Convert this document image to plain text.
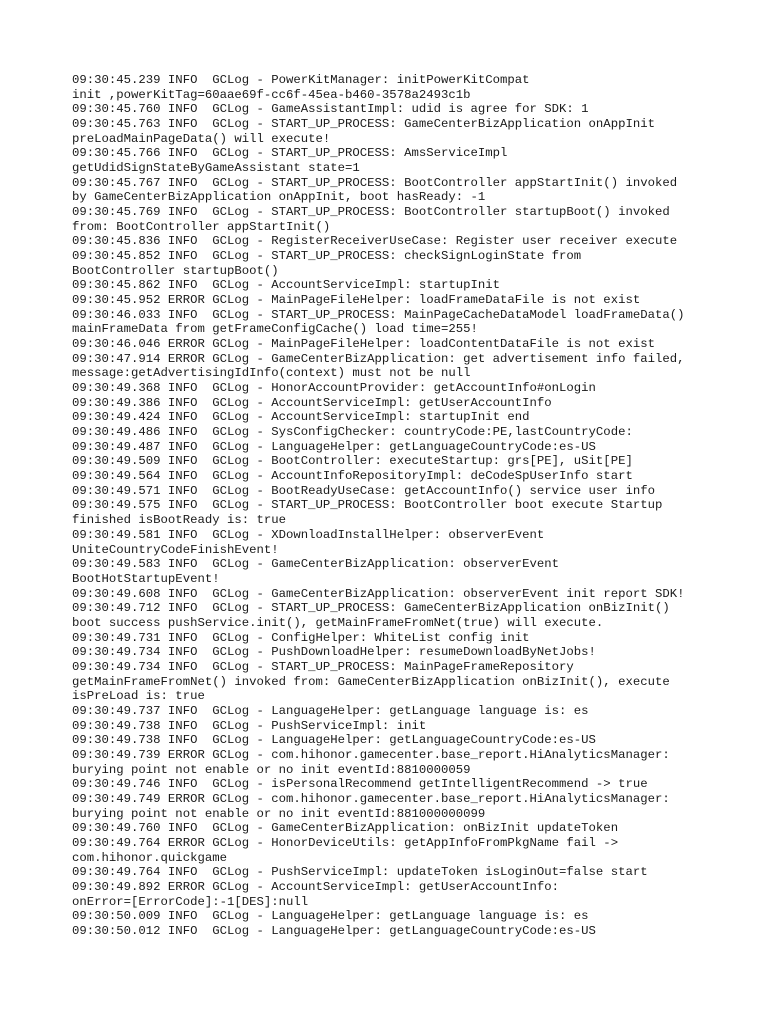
09:30:45.239 INFO  GCLog - PowerKitManager: initPowerKitCompat
init ,powerKitTag=60aae69f-cc6f-45ea-b460-3578a2493c1b
09:30:45.760 INFO  GCLog - GameAssistantImpl: udid is agree for SDK: 1
09:30:45.763 INFO  GCLog - START_UP_PROCESS: GameCenterBizApplication onAppInit
preLoadMainPageData() will execute!
09:30:45.766 INFO  GCLog - START_UP_PROCESS: AmsServiceImpl
getUdidSignStateByGameAssistant state=1
09:30:45.767 INFO  GCLog - START_UP_PROCESS: BootController appStartInit() invoked
by GameCenterBizApplication onAppInit, boot hasReady: -1
09:30:45.769 INFO  GCLog - START_UP_PROCESS: BootController startupBoot() invoked
from: BootController appStartInit()
09:30:45.836 INFO  GCLog - RegisterReceiverUseCase: Register user receiver execute
09:30:45.852 INFO  GCLog - START_UP_PROCESS: checkSignLoginState from
BootController startupBoot()
09:30:45.862 INFO  GCLog - AccountServiceImpl: startupInit
09:30:45.952 ERROR GCLog - MainPageFileHelper: loadFrameDataFile is not exist
09:30:46.033 INFO  GCLog - START_UP_PROCESS: MainPageCacheDataModel loadFrameData()
mainFrameData from getFrameConfigCache() load time=255!
09:30:46.046 ERROR GCLog - MainPageFileHelper: loadContentDataFile is not exist
09:30:47.914 ERROR GCLog - GameCenterBizApplication: get advertisement info failed,
message:getAdvertisingIdInfo(context) must not be null
09:30:49.368 INFO  GCLog - HonorAccountProvider: getAccountInfo#onLogin
09:30:49.386 INFO  GCLog - AccountServiceImpl: getUserAccountInfo
09:30:49.424 INFO  GCLog - AccountServiceImpl: startupInit end
09:30:49.486 INFO  GCLog - SysConfigChecker: countryCode:PE,lastCountryCode:
09:30:49.487 INFO  GCLog - LanguageHelper: getLanguageCountryCode:es-US
09:30:49.509 INFO  GCLog - BootController: executeStartup: grs[PE], uSit[PE]
09:30:49.564 INFO  GCLog - AccountInfoRepositoryImpl: deCodeSpUserInfo start
09:30:49.571 INFO  GCLog - BootReadyUseCase: getAccountInfo() service user info
09:30:49.575 INFO  GCLog - START_UP_PROCESS: BootController boot execute Startup
finished isBootReady is: true
09:30:49.581 INFO  GCLog - XDownloadInstallHelper: observerEvent
UniteCountryCodeFinishEvent!
09:30:49.583 INFO  GCLog - GameCenterBizApplication: observerEvent
BootHotStartupEvent!
09:30:49.608 INFO  GCLog - GameCenterBizApplication: observerEvent init report SDK!
09:30:49.712 INFO  GCLog - START_UP_PROCESS: GameCenterBizApplication onBizInit()
boot success pushService.init(), getMainFrameFromNet(true) will execute.
09:30:49.731 INFO  GCLog - ConfigHelper: WhiteList config init
09:30:49.734 INFO  GCLog - PushDownloadHelper: resumeDownloadByNetJobs!
09:30:49.734 INFO  GCLog - START_UP_PROCESS: MainPageFrameRepository
getMainFrameFromNet() invoked from: GameCenterBizApplication onBizInit(), execute
isPreLoad is: true
09:30:49.737 INFO  GCLog - LanguageHelper: getLanguage language is: es
09:30:49.738 INFO  GCLog - PushServiceImpl: init
09:30:49.738 INFO  GCLog - LanguageHelper: getLanguageCountryCode:es-US
09:30:49.739 ERROR GCLog - com.hihonor.gamecenter.base_report.HiAnalyticsManager:
burying point not enable or no init eventId:8810000059
09:30:49.746 INFO  GCLog - isPersonalRecommend getIntelligentRecommend -> true
09:30:49.749 ERROR GCLog - com.hihonor.gamecenter.base_report.HiAnalyticsManager:
burying point not enable or no init eventId:881000000099
09:30:49.760 INFO  GCLog - GameCenterBizApplication: onBizInit updateToken
09:30:49.764 ERROR GCLog - HonorDeviceUtils: getAppInfoFromPkgName fail ->
com.hihonor.quickgame
09:30:49.764 INFO  GCLog - PushServiceImpl: updateToken isLoginOut=false start
09:30:49.892 ERROR GCLog - AccountServiceImpl: getUserAccountInfo:
onError=[ErrorCode]:-1[DES]:null
09:30:50.009 INFO  GCLog - LanguageHelper: getLanguage language is: es
09:30:50.012 INFO  GCLog - LanguageHelper: getLanguageCountryCode:es-US
